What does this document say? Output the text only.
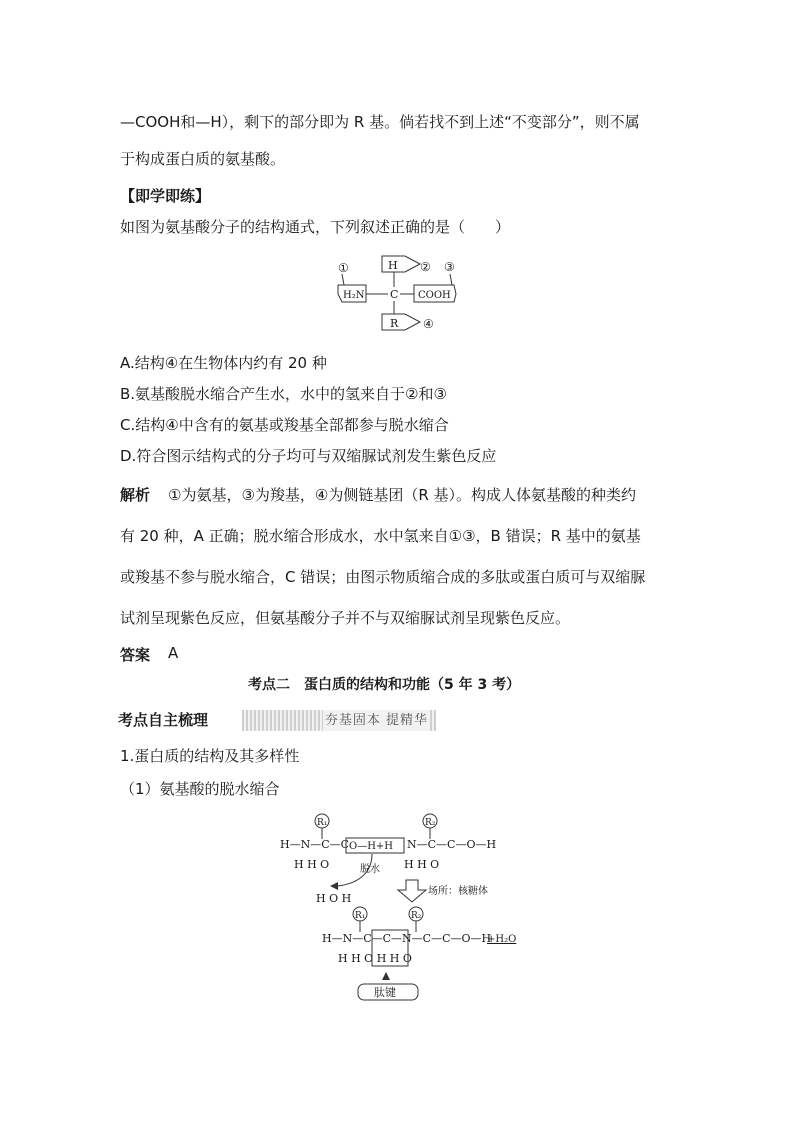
—COOH和—H），剩下的部分即为 R 基。倘若找不到上述“不变部分”，则不属
于构成蛋白质的氨基酸。
【即学即练】
如图为氨基酸分子的结构通式，下列叙述正确的是（　　）
①	② ③
④
H
H₂N	COOH
R
C
A.结构④在生物体内约有 20 种
B.氨基酸脱水缩合产生水，水中的氢来自于②和③
C.结构④中含有的氨基或羧基全部都参与脱水缩合
D.符合图示结构式的分子均可与双缩脲试剂发生紫色反应
解析 ①为氨基，③为羧基，④为侧链基团（R 基）。构成人体氨基酸的种类约
有 20 种，A 正确；脱水缩合形成水，水中氢来自①③，B 错误；R 基中的氨基
或羧基不参与脱水缩合，C 错误；由图示物质缩合成的多肽或蛋白质可与双缩脲
试剂呈现紫色反应，但氨基酸分子并不与双缩脲试剂呈现紫色反应。
答案 A
考点二　蛋白质的结构和功能（5 年 3 考）
考点自主梳理	夯基固本 提精华
1.蛋白质的结构及其多样性
（1）氨基酸的脱水缩合
H—N—C—C
R₁
O—H+H N—C—C—O—H
R₂
H H O	H H O
脱水
H O H
场所：核糖体
R₁	R₂
H—N—C—C—N—C—C—O—H
+H₂O
H H O H H O
肽键
